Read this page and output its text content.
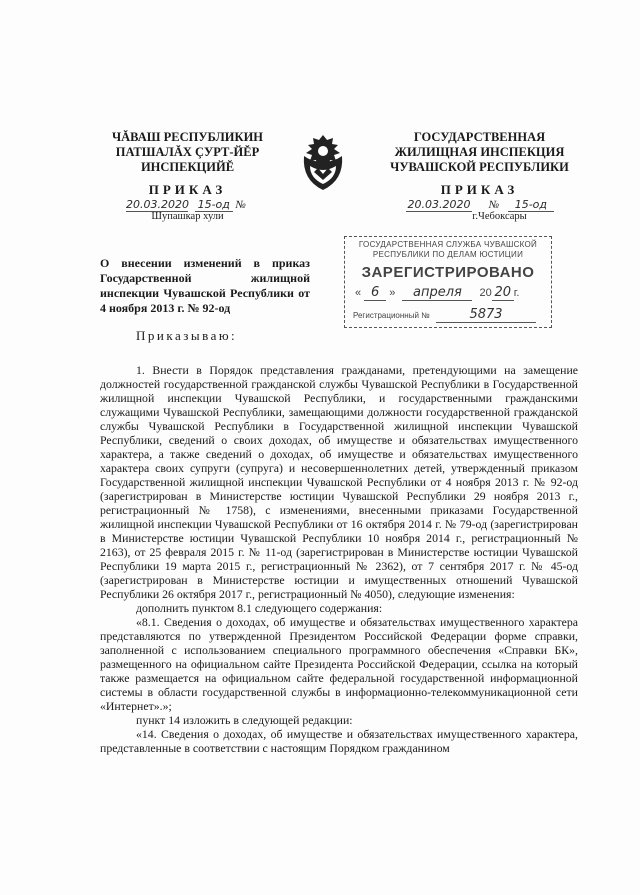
ЧĂВАШ РЕСПУБЛИКИН
ПАТШАЛĂХ ÇУРТ-ЙĔР
ИНСПЕКЦИЙĔ
ГОСУДАРСТВЕННАЯ
ЖИЛИЩНАЯ ИНСПЕКЦИЯ
ЧУВАШСКОЙ РЕСПУБЛИКИ
ПРИКАЗ	ПРИКАЗ
20.03.2020 15-од №
Шупашкар хули
20.03.2020 № 15-од
г.Чебоксары
О внесении изменений в приказ Государственной жилищной инспекции Чувашской Республики от 4 ноября 2013 г. № 92-од
ГОСУДАРСТВЕННАЯ СЛУЖБА ЧУВАШСКОЙ
РЕСПУБЛИКИ ПО ДЕЛАМ ЮСТИЦИИ
ЗАРЕГИСТРИРОВАНО
« 6 » апреля 20 20 г.
Регистрационный №	5873
Приказываю:

1. Внести в Порядок представления гражданами, претендующими на замещение должностей государственной гражданской службы Чувашской Республики в Государственной жилищной инспекции Чувашской Республики, и государственными гражданскими служащими Чувашской Республики, замещающими должности государственной гражданской службы Чувашской Республики в Государственной жилищной инспекции Чувашской Республики, сведений о своих доходах, об имуществе и обязательствах имущественного характера, а также сведений о доходах, об имуществе и обязательствах имущественного характера своих супруги (супруга) и несовершеннолетних детей, утвержденный приказом Государственной жилищной инспекции Чувашской Республики от 4 ноября 2013 г. № 92-од (зарегистрирован в Министерстве юстиции Чувашской Республики 29 ноября 2013 г., регистрационный № 1758), с изменениями, внесенными приказами Государственной жилищной инспекции Чувашской Республики от 16 октября 2014 г. № 79-од (зарегистрирован в Министерстве юстиции Чувашской Республики 10 ноября 2014 г., регистрационный № 2163), от 25 февраля 2015 г. № 11-од (зарегистрирован в Министерстве юстиции Чувашской Республики 19 марта 2015 г., регистрационный № 2362), от 7 сентября 2017 г. № 45-од (зарегистрирован в Министерстве юстиции и имущественных отношений Чувашской Республики 26 октября 2017 г., регистрационный № 4050), следующие изменения:

дополнить пунктом 8.1 следующего содержания:

«8.1. Сведения о доходах, об имуществе и обязательствах имущественного характера представляются по утвержденной Президентом Российской Федерации форме справки, заполненной с использованием специального программного обеспечения «Справки БК», размещенного на официальном сайте Президента Российской Федерации, ссылка на который также размещается на официальном сайте федеральной государственной информационной системы в области государственной службы в информационно-телекоммуникационной сети «Интернет».»;

пункт 14 изложить в следующей редакции:

«14. Сведения о доходах, об имуществе и обязательствах имущественного характера, представленные в соответствии с настоящим Порядком гражданином
